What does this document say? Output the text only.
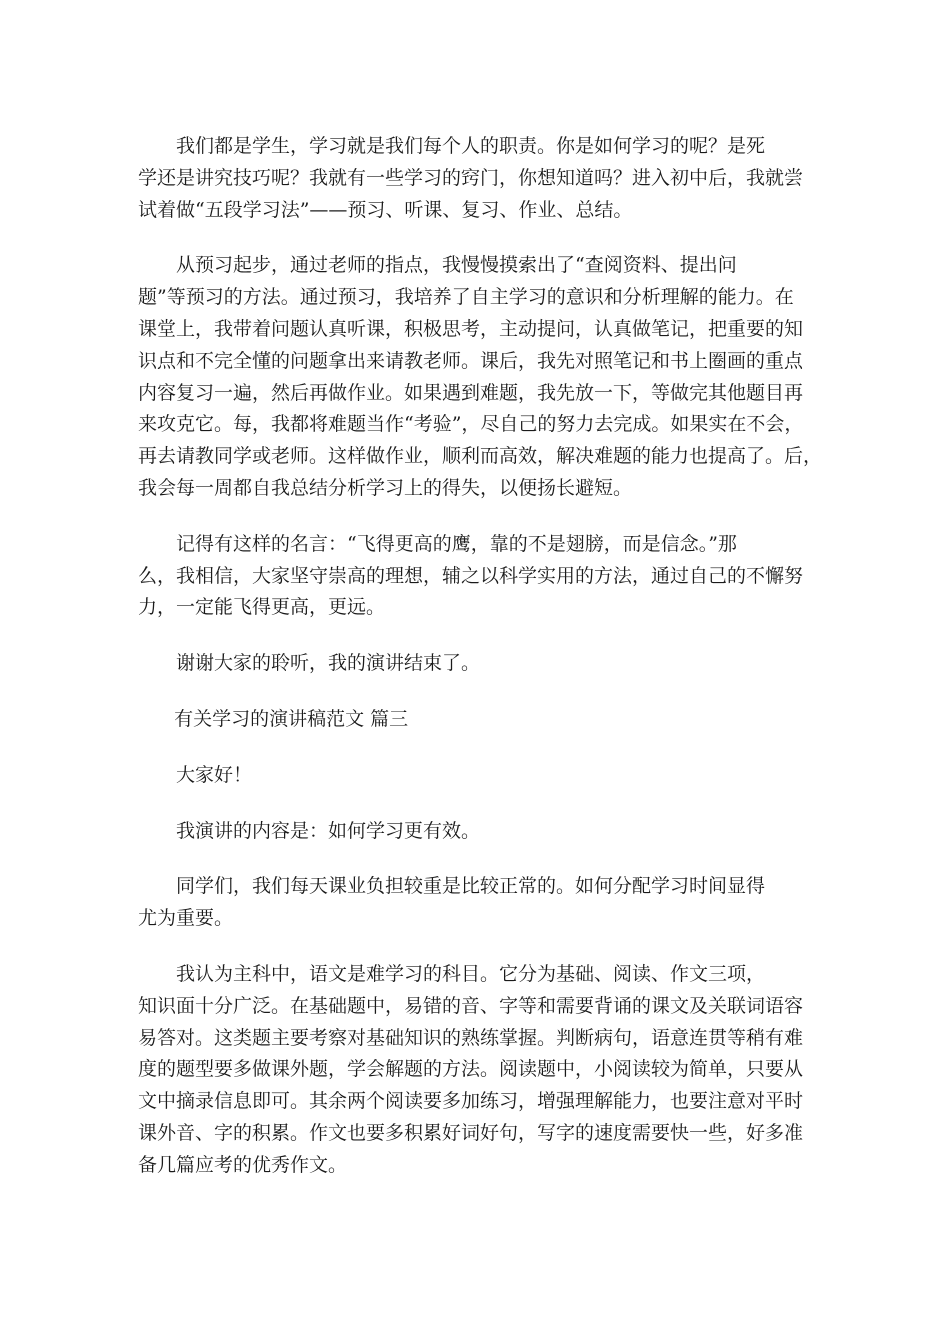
我们都是学生，学习就是我们每个人的职责。你是如何学习的呢？是死
学还是讲究技巧呢？我就有一些学习的窍门，你想知道吗？进入初中后，我就尝
试着做“五段学习法”——预习、听课、复习、作业、总结。

从预习起步，通过老师的指点，我慢慢摸索出了“查阅资料、提出问
题”等预习的方法。通过预习，我培养了自主学习的意识和分析理解的能力。在
课堂上，我带着问题认真听课，积极思考，主动提问，认真做笔记，把重要的知
识点和不完全懂的问题拿出来请教老师。课后，我先对照笔记和书上圈画的重点
内容复习一遍，然后再做作业。如果遇到难题，我先放一下，等做完其他题目再
来攻克它。每，我都将难题当作“考验”，尽自己的努力去完成。如果实在不会，
再去请教同学或老师。这样做作业，顺利而高效，解决难题的能力也提高了。后，
我会每一周都自我总结分析学习上的得失，以便扬长避短。

记得有这样的名言：“飞得更高的鹰，靠的不是翅膀，而是信念。”那
么，我相信，大家坚守崇高的理想，辅之以科学实用的方法，通过自己的不懈努
力，一定能飞得更高，更远。

谢谢大家的聆听，我的演讲结束了。

有关学习的演讲稿范文 篇三

大家好！

我演讲的内容是：如何学习更有效。

同学们，我们每天课业负担较重是比较正常的。如何分配学习时间显得
尤为重要。

我认为主科中，语文是难学习的科目。它分为基础、阅读、作文三项，
知识面十分广泛。在基础题中，易错的音、字等和需要背诵的课文及关联词语容
易答对。这类题主要考察对基础知识的熟练掌握。判断病句，语意连贯等稍有难
度的题型要多做课外题，学会解题的方法。阅读题中，小阅读较为简单，只要从
文中摘录信息即可。其余两个阅读要多加练习，增强理解能力，也要注意对平时
课外音、字的积累。作文也要多积累好词好句，写字的速度需要快一些，好多准
备几篇应考的优秀作文。
